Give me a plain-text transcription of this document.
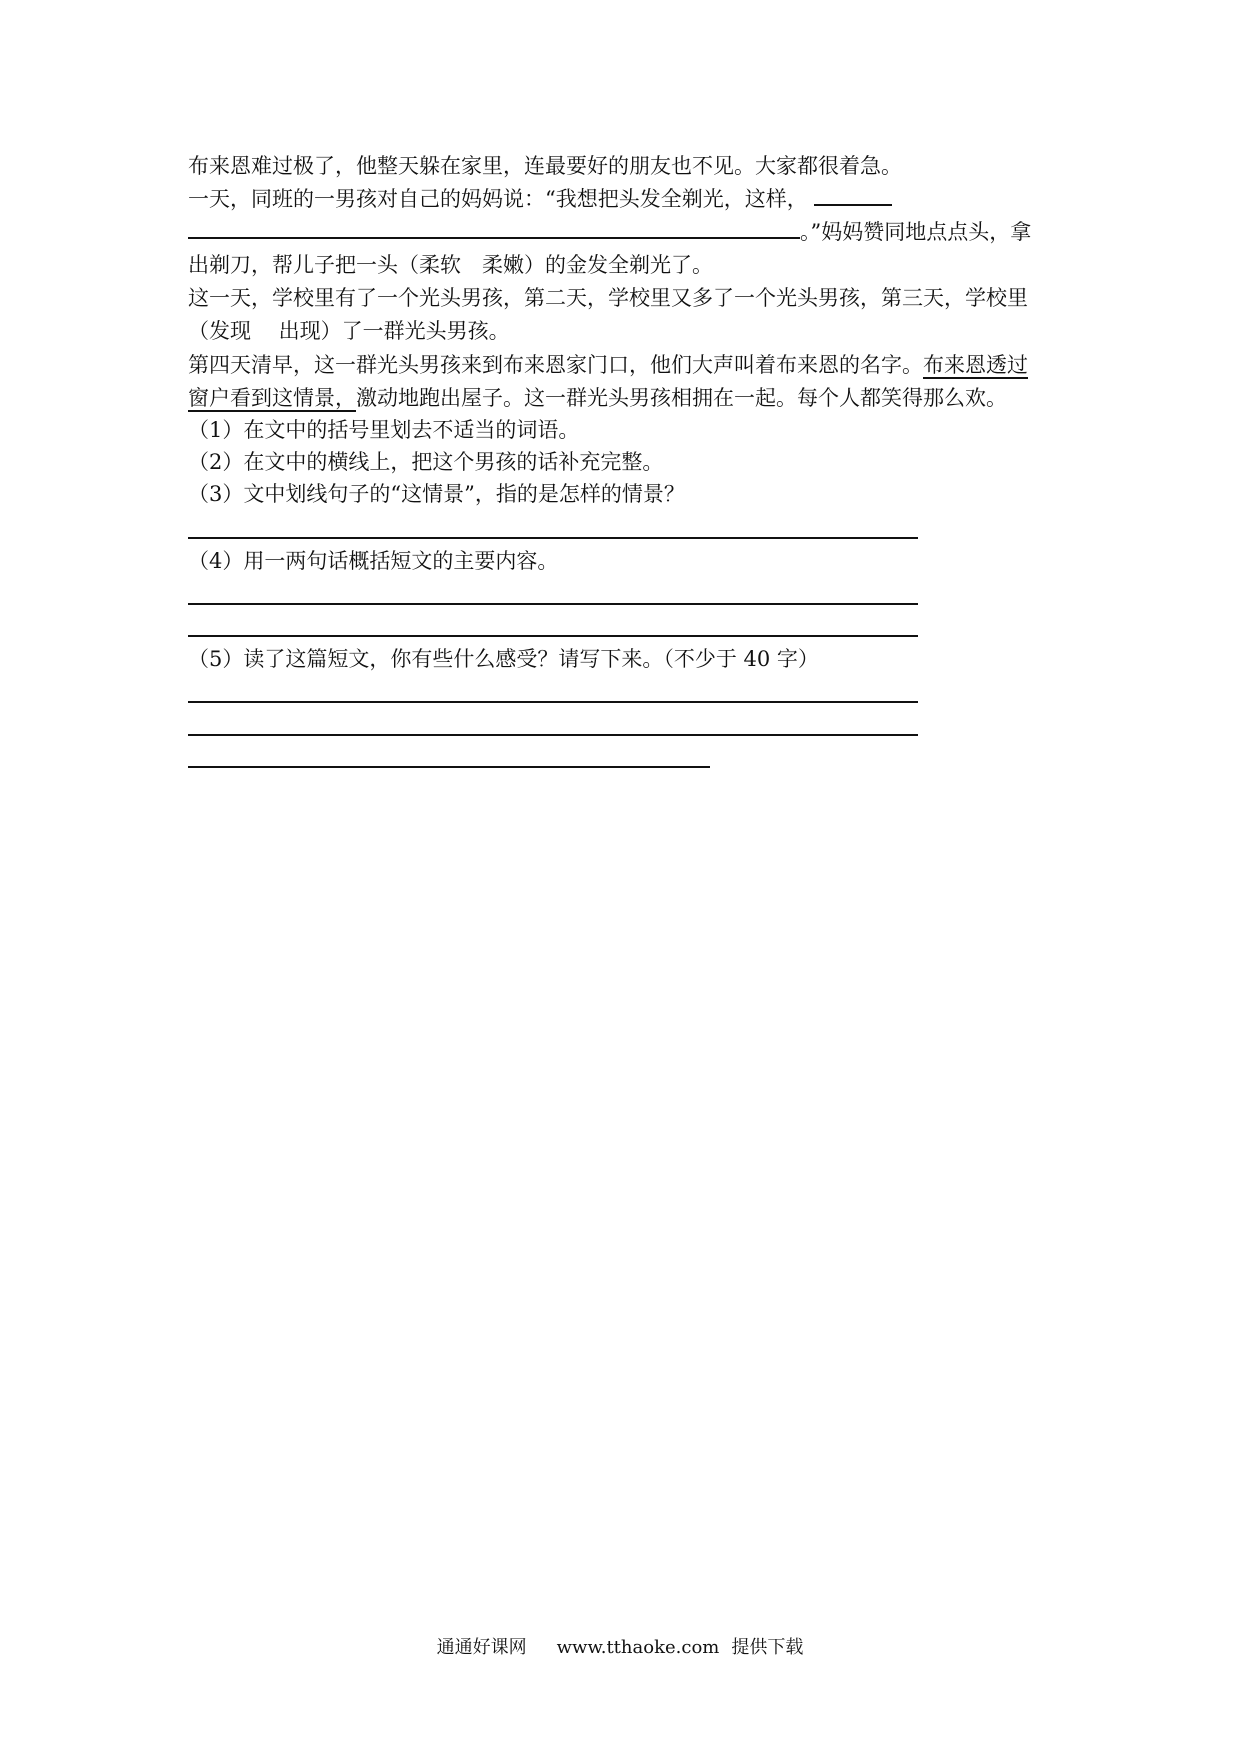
布来恩难过极了，他整天躲在家里，连最要好的朋友也不见。大家都很着急。
一天，同班的一男孩对自己的妈妈说：“我想把头发全剃光，这样，
。”妈妈赞同地点点头，拿
出剃刀，帮儿子把一头（柔软　柔嫩）的金发全剃光了。
这一天，学校里有了一个光头男孩，第二天，学校里又多了一个光头男孩，第三天，学校里
（发现　 出现）了一群光头男孩。
第四天清早，这一群光头男孩来到布来恩家门口，他们大声叫着布来恩的名字。布来恩透过
窗户看到这情景，激动地跑出屋子。这一群光头男孩相拥在一起。每个人都笑得那么欢。
（1）在文中的括号里划去不适当的词语。
（2）在文中的横线上，把这个男孩的话补充完整。
（3）文中划线句子的“这情景”，指的是怎样的情景？
（4）用一两句话概括短文的主要内容。
（5）读了这篇短文，你有些什么感受？请写下来。（不少于 40 字）
通通好课网 www.tthaoke.com 提供下载
